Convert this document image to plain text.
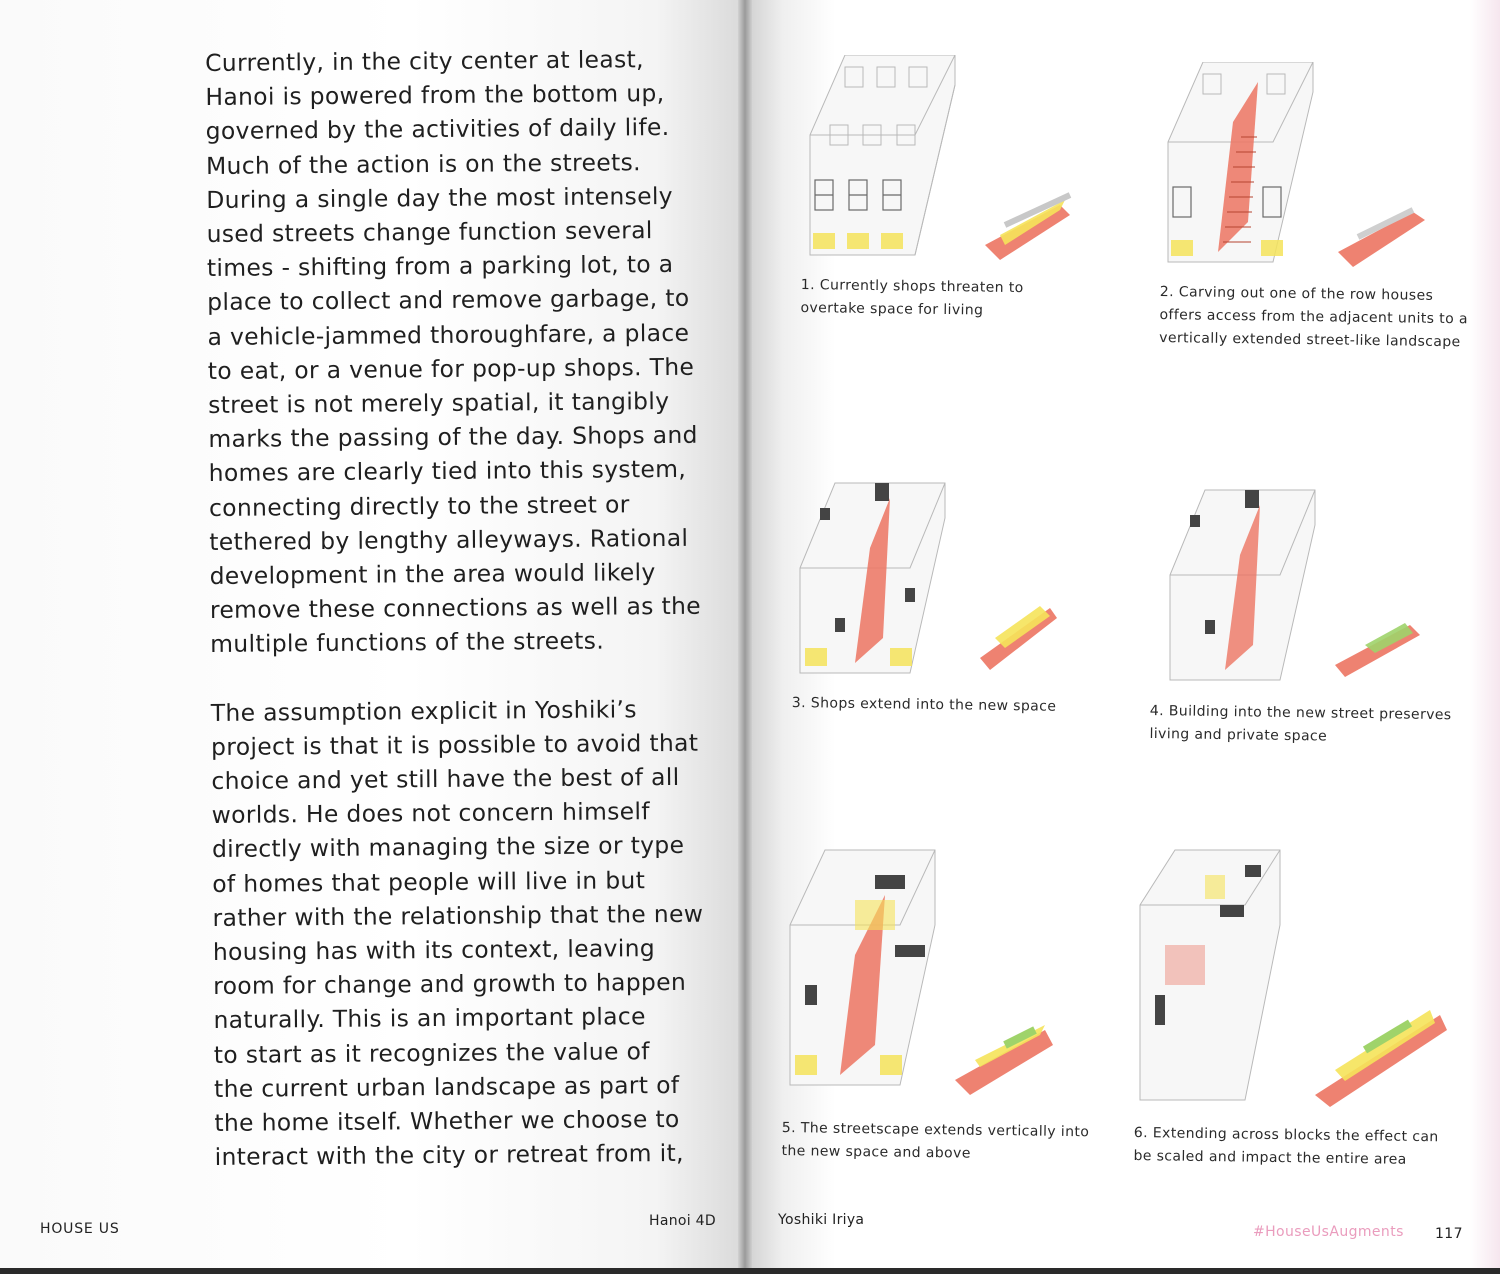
Currently, in the city center at least,
Hanoi is powered from the bottom up,
governed by the activities of daily life.
Much of the action is on the streets.
During a single day the most intensely
used streets change function several
times - shifting from a parking lot, to a
place to collect and remove garbage, to
a vehicle-jammed thoroughfare, a place
to eat, or a venue for pop-up shops. The
street is not merely spatial, it tangibly
marks the passing of the day. Shops and
homes are clearly tied into this system,
connecting directly to the street or
tethered by lengthy alleyways. Rational
development in the area would likely
remove these connections as well as the
multiple functions of the streets.

The assumption explicit in Yoshiki’s
project is that it is possible to avoid that
choice and yet still have the best of all
worlds. He does not concern himself
directly with managing the size or type
of homes that people will live in but
rather with the relationship that the new
housing has with its context, leaving
room for change and growth to happen
naturally. This is an important place
to start as it recognizes the value of
the current urban landscape as part of
the home itself. Whether we choose to
interact with the city or retreat from it,

HOUSE US	Hanoi 4D
1. Currently shops threaten to
overtake space for living
2. Carving out one of the row houses
offers access from the adjacent units to a
vertically extended street-like landscape
3. Shops extend into the new space	4. Building into the new street preserves
living and private space
5. The streetscape extends vertically into
the new space and above
6. Extending across blocks the effect can
be scaled and impact the entire area
Yoshiki Iriya
#HouseUsAugments 117
